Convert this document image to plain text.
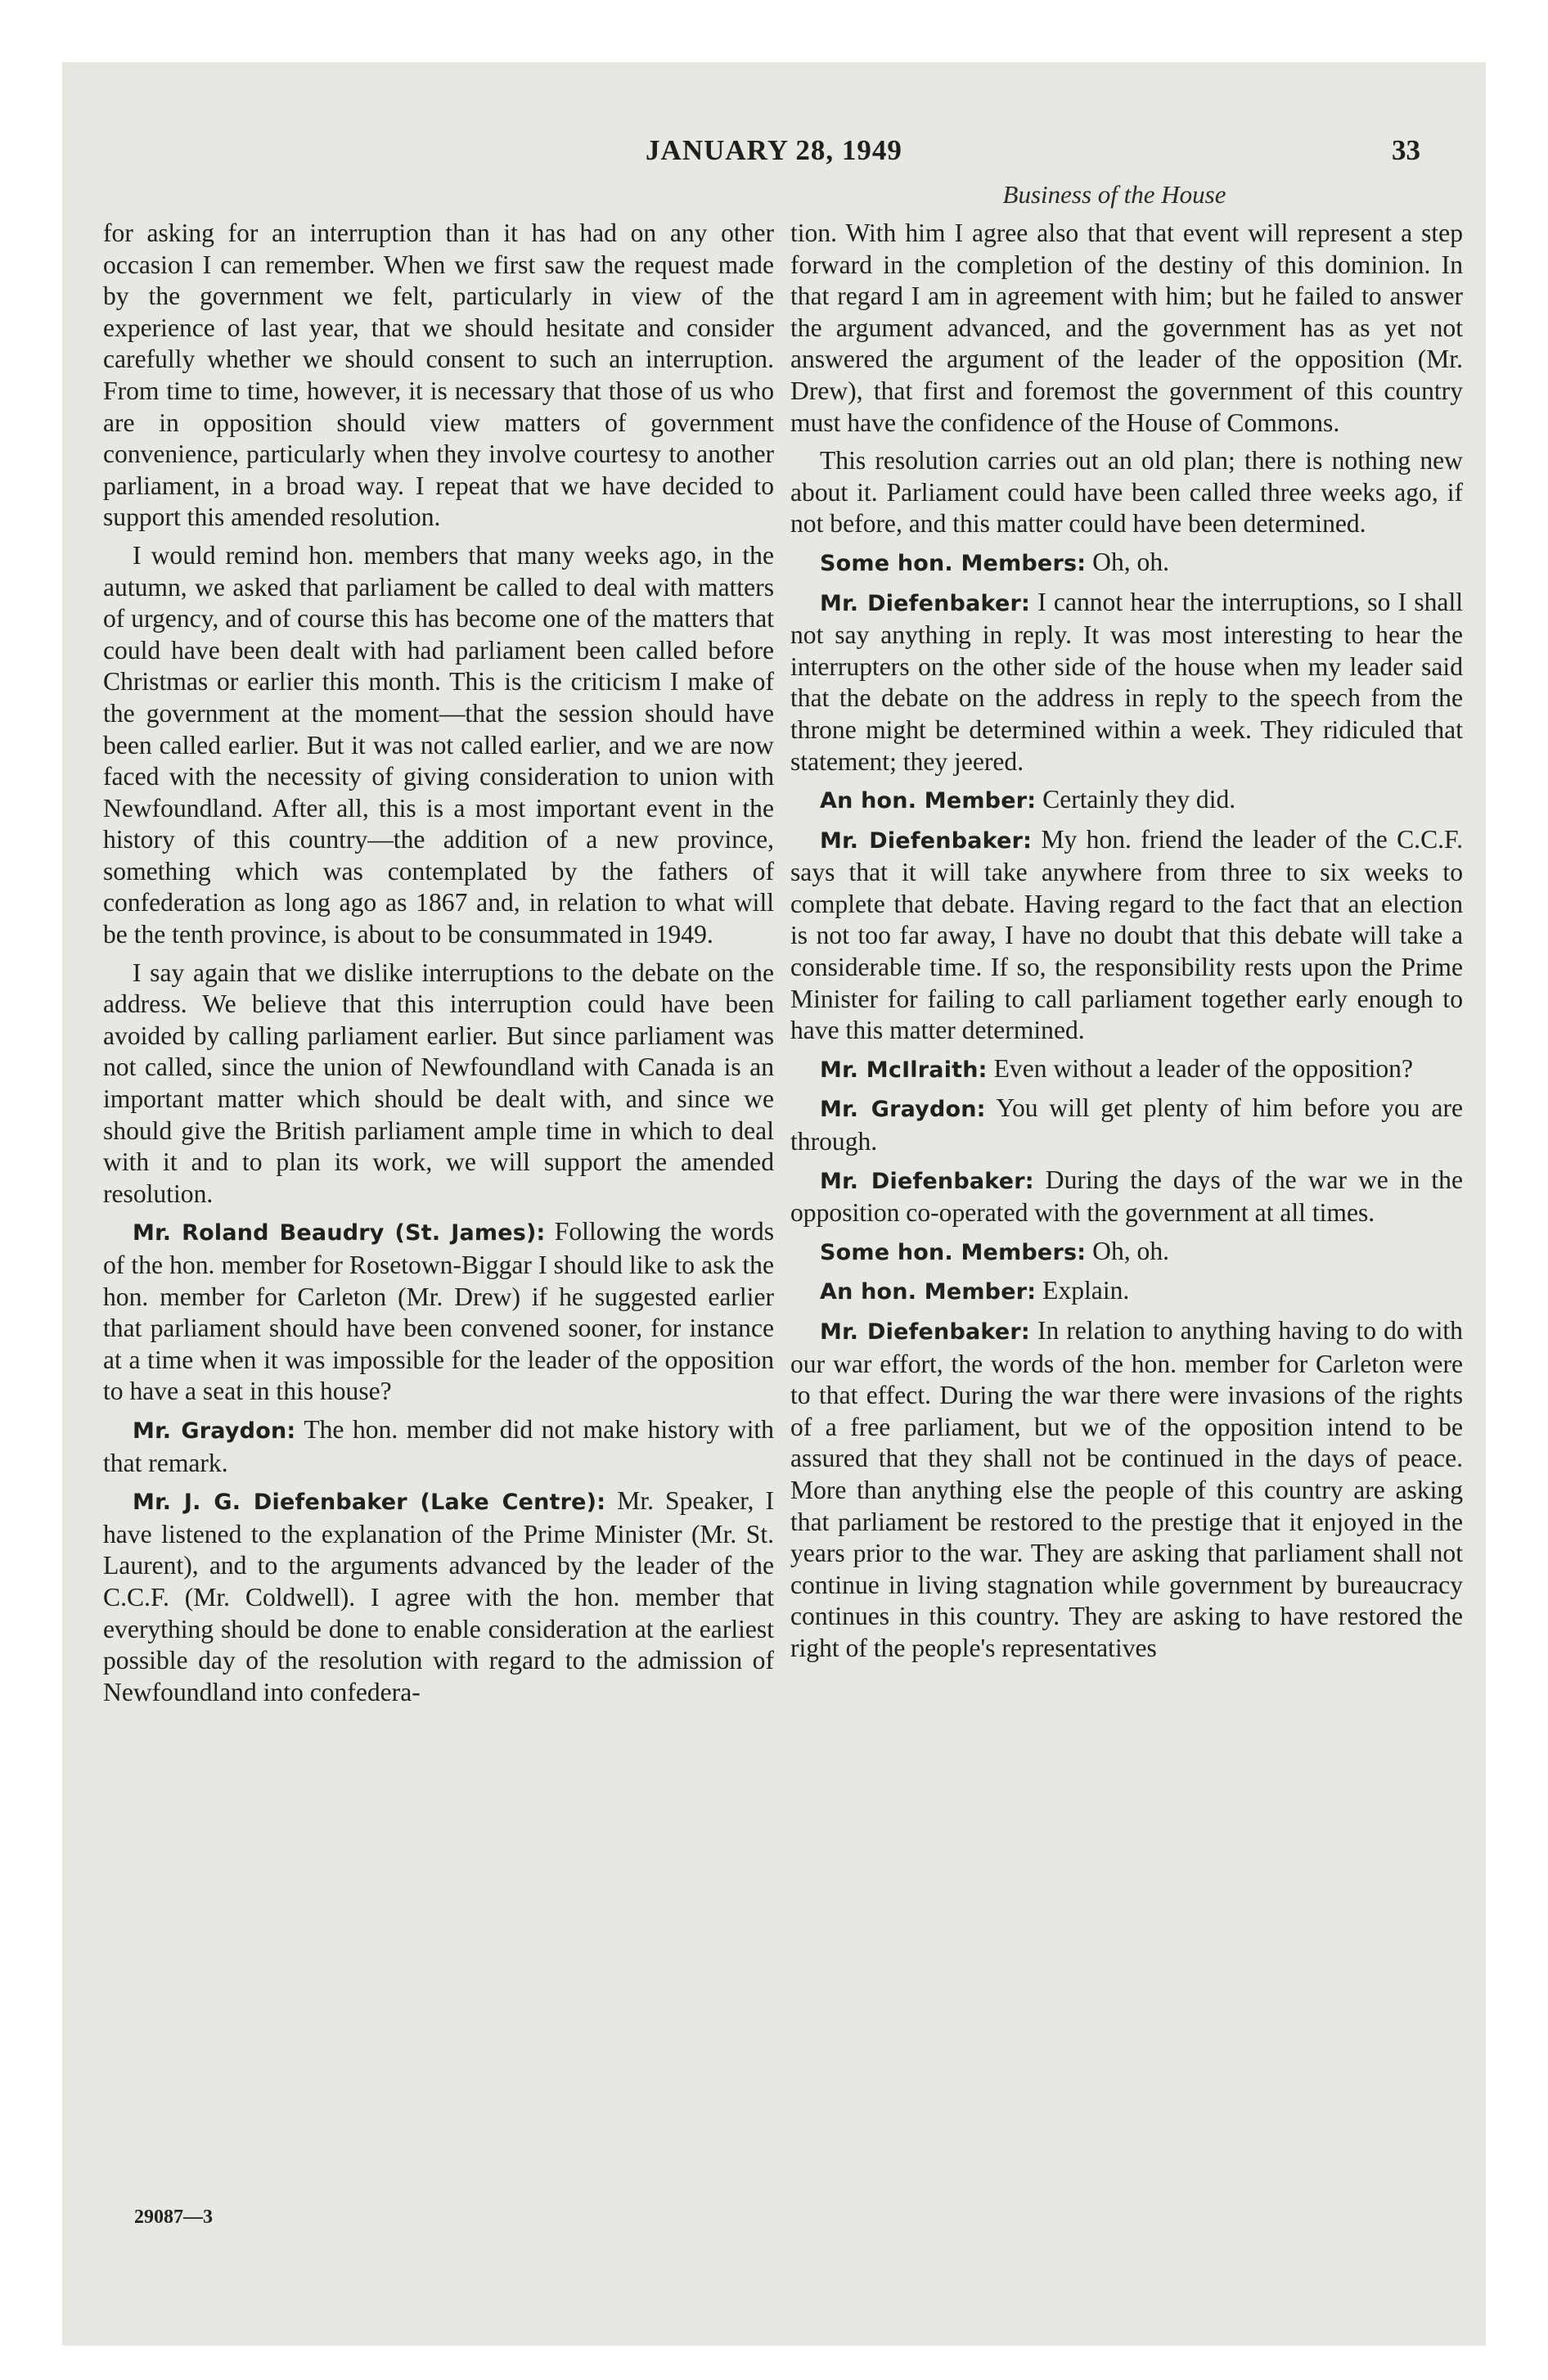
JANUARY 28, 1949	33
Business of the House

for asking for an interruption than it has had on any other occasion I can remember. When we first saw the request made by the government we felt, particularly in view of the experience of last year, that we should hesitate and consider carefully whether we should consent to such an interruption. From time to time, however, it is necessary that those of us who are in opposition should view matters of government convenience, particularly when they involve courtesy to another parliament, in a broad way. I repeat that we have decided to support this amended resolution.

I would remind hon. members that many weeks ago, in the autumn, we asked that parliament be called to deal with matters of urgency, and of course this has become one of the matters that could have been dealt with had parliament been called before Christmas or earlier this month. This is the criticism I make of the government at the moment—that the session should have been called earlier. But it was not called earlier, and we are now faced with the necessity of giving consideration to union with Newfoundland. After all, this is a most important event in the history of this country—the addition of a new province, something which was contemplated by the fathers of confederation as long ago as 1867 and, in relation to what will be the tenth province, is about to be consummated in 1949.

I say again that we dislike interruptions to the debate on the address. We believe that this interruption could have been avoided by calling parliament earlier. But since parliament was not called, since the union of Newfoundland with Canada is an important matter which should be dealt with, and since we should give the British parliament ample time in which to deal with it and to plan its work, we will support the amended resolution.

Mr. Roland Beaudry (St. James): Following the words of the hon. member for Rosetown-Biggar I should like to ask the hon. member for Carleton (Mr. Drew) if he suggested earlier that parliament should have been convened sooner, for instance at a time when it was impossible for the leader of the opposition to have a seat in this house?

Mr. Graydon: The hon. member did not make history with that remark.

Mr. J. G. Diefenbaker (Lake Centre): Mr. Speaker, I have listened to the explanation of the Prime Minister (Mr. St. Laurent), and to the arguments advanced by the leader of the C.C.F. (Mr. Coldwell). I agree with the hon. member that everything should be done to enable consideration at the earliest possible day of the resolution with regard to the admission of Newfoundland into confedera-

tion. With him I agree also that that event will represent a step forward in the completion of the destiny of this dominion. In that regard I am in agreement with him; but he failed to answer the argument advanced, and the government has as yet not answered the argument of the leader of the opposition (Mr. Drew), that first and foremost the government of this country must have the confidence of the House of Commons.

This resolution carries out an old plan; there is nothing new about it. Parliament could have been called three weeks ago, if not before, and this matter could have been determined.

Some hon. Members: Oh, oh.

Mr. Diefenbaker: I cannot hear the interruptions, so I shall not say anything in reply. It was most interesting to hear the interrupters on the other side of the house when my leader said that the debate on the address in reply to the speech from the throne might be determined within a week. They ridiculed that statement; they jeered.

An hon. Member: Certainly they did.

Mr. Diefenbaker: My hon. friend the leader of the C.C.F. says that it will take anywhere from three to six weeks to complete that debate. Having regard to the fact that an election is not too far away, I have no doubt that this debate will take a considerable time. If so, the responsibility rests upon the Prime Minister for failing to call parliament together early enough to have this matter determined.

Mr. McIlraith: Even without a leader of the opposition?

Mr. Graydon: You will get plenty of him before you are through.

Mr. Diefenbaker: During the days of the war we in the opposition co-operated with the government at all times.

Some hon. Members: Oh, oh.

An hon. Member: Explain.

Mr. Diefenbaker: In relation to anything having to do with our war effort, the words of the hon. member for Carleton were to that effect. During the war there were invasions of the rights of a free parliament, but we of the opposition intend to be assured that they shall not be continued in the days of peace. More than anything else the people of this country are asking that parliament be restored to the prestige that it enjoyed in the years prior to the war. They are asking that parliament shall not continue in living stagnation while government by bureaucracy continues in this country. They are asking to have restored the right of the people's representatives

29087—3
